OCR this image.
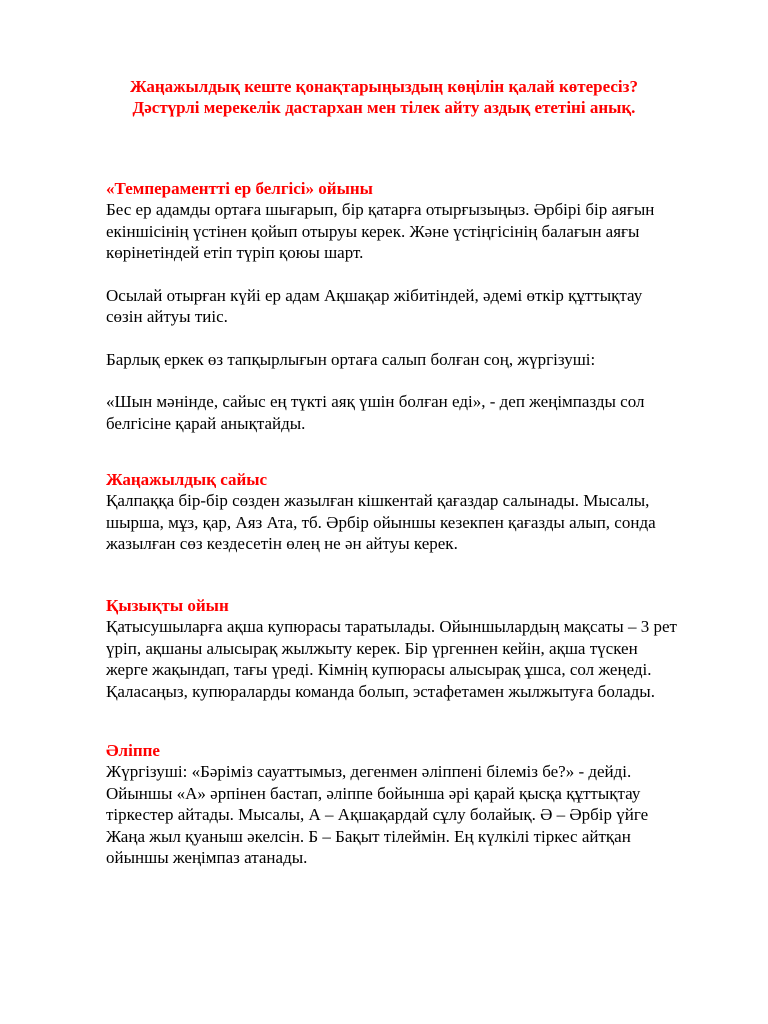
Жаңажылдық кеште қонақтарыңыздың көңілін қалай көтересіз?
Дәстүрлі мерекелік дастархан мен тілек айту аздық ететіні анық.
«Темпераментті ер белгісі» ойыны
Бес ер адамды ортаға шығарып, бір қатарға отырғызыңыз. Әрбірі бір аяғын
екіншісінің үстінен қойып отыруы керек. Және үстіңгісінің балағын аяғы
көрінетіндей етіп түріп қоюы шарт.
Осылай отырған күйі ер адам Ақшақар жібитіндей, әдемі өткір құттықтау
сөзін айтуы тиіс.
Барлық еркек өз тапқырлығын ортаға салып болған соң, жүргізуші:
«Шын мәнінде, сайыс ең түкті аяқ үшін болған еді», - деп жеңімпазды сол
белгісіне қарай анықтайды.
Жаңажылдық сайыс
Қалпаққа бір-бір сөзден жазылған кішкентай қағаздар салынады. Мысалы,
шырша, мұз, қар, Аяз Ата, тб. Әрбір ойыншы кезекпен қағазды алып, сонда
жазылған сөз кездесетін өлең не ән айтуы керек.
Қызықты ойын
Қатысушыларға ақша купюрасы таратылады. Ойыншылардың мақсаты – 3 рет
үріп, ақшаны алысырақ жылжыту керек. Бір үргеннен кейін, ақша түскен
жерге жақындап, тағы үреді. Кімнің купюрасы алысырақ ұшса, сол жеңеді.
Қаласаңыз, купюраларды команда болып, эстафетамен жылжытуға болады.
Әліппе
Жүргізуші: «Бәріміз сауаттымыз, дегенмен әліппені білеміз бе?» - дейді.
Ойыншы «А» әрпінен бастап, әліппе бойынша әрі қарай қысқа құттықтау
тіркестер айтады. Мысалы, А – Ақшақардай сұлу болайық. Ә – Әрбір үйге
Жаңа жыл қуаныш әкелсін. Б – Бақыт тілеймін. Ең күлкілі тіркес айтқан
ойыншы жеңімпаз атанады.
